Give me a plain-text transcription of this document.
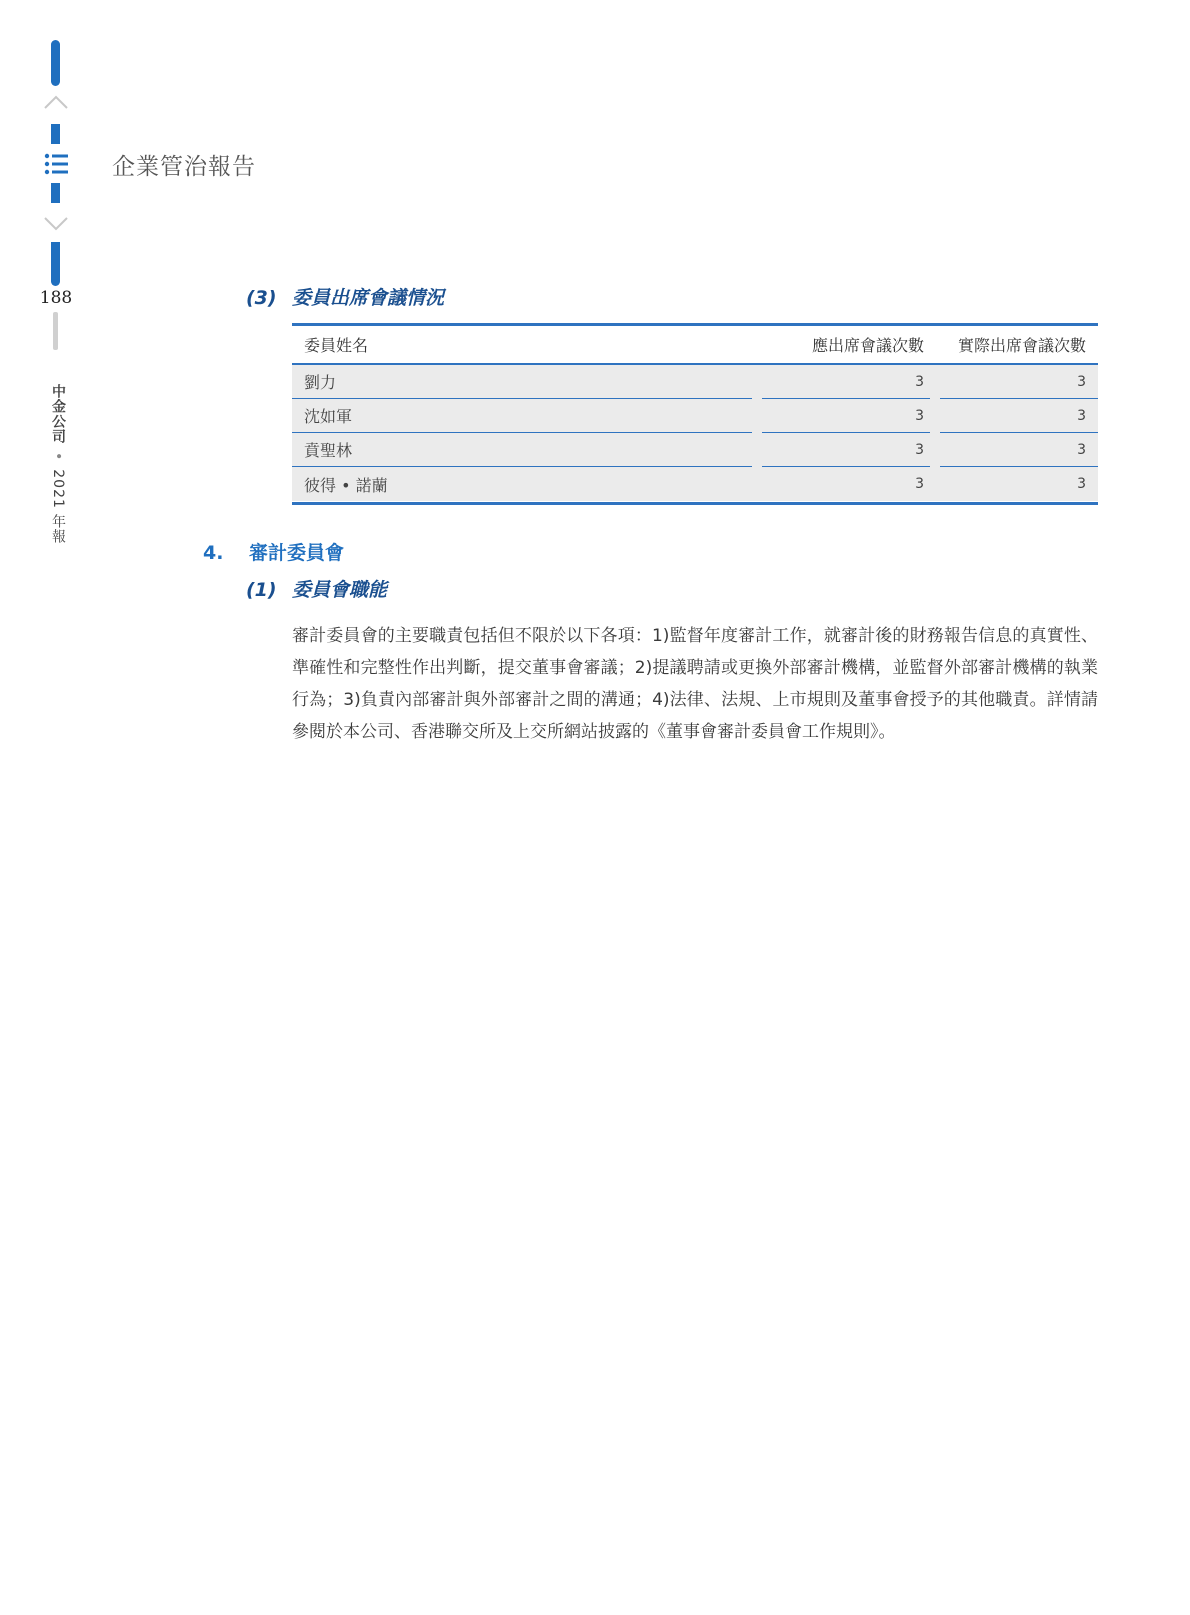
188
中金公司•2021 年報
企業管治報告
(3) 委員出席會議情況
委員姓名	應出席會議次數	實際出席會議次數
劉力	3	3
沈如軍	3	3
賁聖林	3	3
彼得 • 諾蘭	3	3
4. 審計委員會
(1) 委員會職能
審計委員會的主要職責包括但不限於以下各項：1)監督年度審計工作，就審計後的財務報告信息的真實性、準確性和完整性作出判斷，提交董事會審議；2)提議聘請或更換外部審計機構，並監督外部審計機構的執業行為；3)負責內部審計與外部審計之間的溝通；4)法律、法規、上市規則及董事會授予的其他職責。詳情請參閱於本公司、香港聯交所及上交所網站披露的《董事會審計委員會工作規則》。
